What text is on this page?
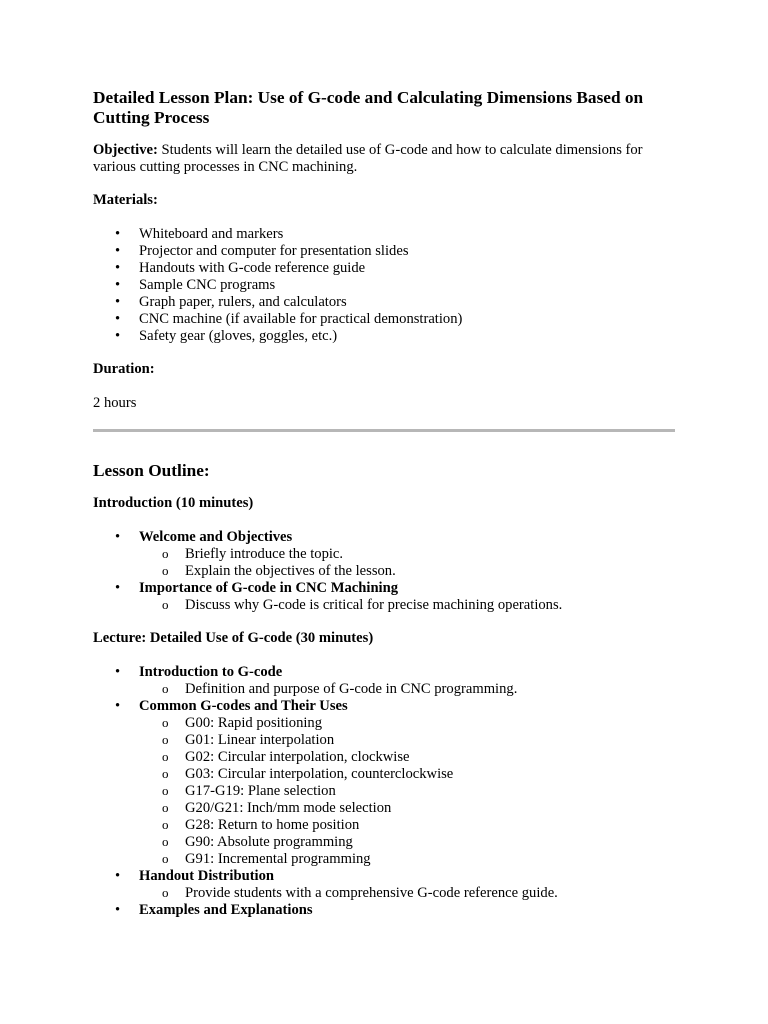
Detailed Lesson Plan: Use of G-code and Calculating Dimensions Based on Cutting Process

Objective: Students will learn the detailed use of G-code and how to calculate dimensions for various cutting processes in CNC machining.

Materials:

• Whiteboard and markers
• Projector and computer for presentation slides
• Handouts with G-code reference guide
• Sample CNC programs
• Graph paper, rulers, and calculators
• CNC machine (if available for practical demonstration)
• Safety gear (gloves, goggles, etc.)

Duration:

2 hours

Lesson Outline:

Introduction (10 minutes)

• Welcome and Objectives
o Briefly introduce the topic.
o Explain the objectives of the lesson.
• Importance of G-code in CNC Machining
o Discuss why G-code is critical for precise machining operations.

Lecture: Detailed Use of G-code (30 minutes)

• Introduction to G-code
o Definition and purpose of G-code in CNC programming.
• Common G-codes and Their Uses
o G00: Rapid positioning
o G01: Linear interpolation
o G02: Circular interpolation, clockwise
o G03: Circular interpolation, counterclockwise
o G17-G19: Plane selection
o G20/G21: Inch/mm mode selection
o G28: Return to home position
o G90: Absolute programming
o G91: Incremental programming
• Handout Distribution
o Provide students with a comprehensive G-code reference guide.
• Examples and Explanations
